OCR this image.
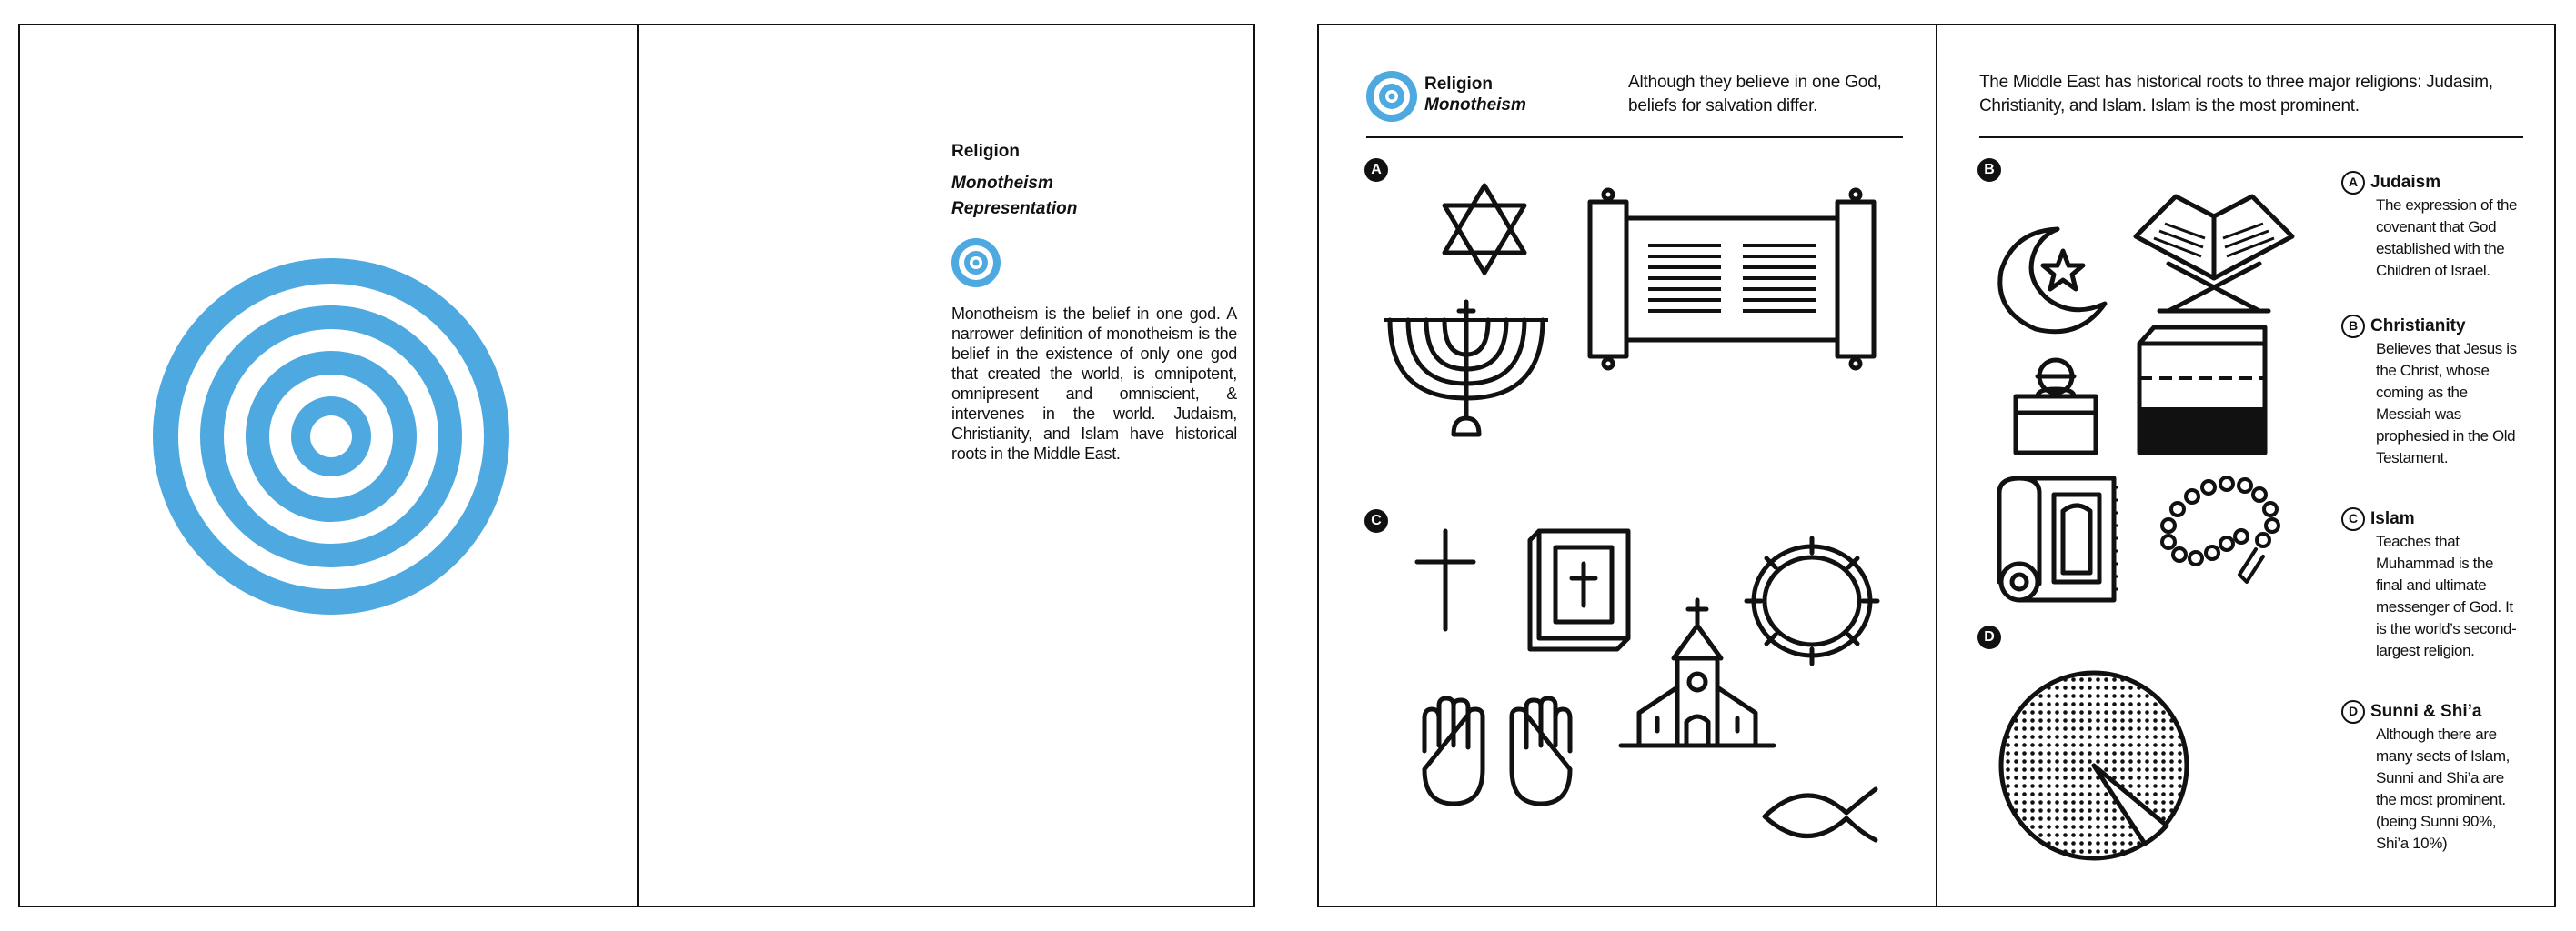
Religion
Monotheism
Representation
Monotheism is the belief in one god. A narrower definition of monotheism is the belief in the existence of only one god that created the world, is omnipotent, omnipresent and omniscient, & intervenes in the world. Judaism, Christianity, and Islam have historical roots in the Middle East.
Religion
Monotheism
Although they believe in one God, beliefs for salvation differ.
The Middle East has historical roots to three major religions: Judasim, Christianity, and Islam. Islam is the most prominent.
A	B
C
D
A Judaism
The expression of the covenant that God established with the Children of Israel.
B Christianity
Believes that Jesus is the Christ, whose coming as the Messiah was prophesied in the Old Testament.
C Islam
Teaches that Muhammad is the final and ultimate messenger of God. It is the world’s second-largest religion.
D Sunni & Shi’a
Although there are many sects of Islam, Sunni and Shi’a are the most prominent. (being Sunni 90%, Shi’a 10%)
